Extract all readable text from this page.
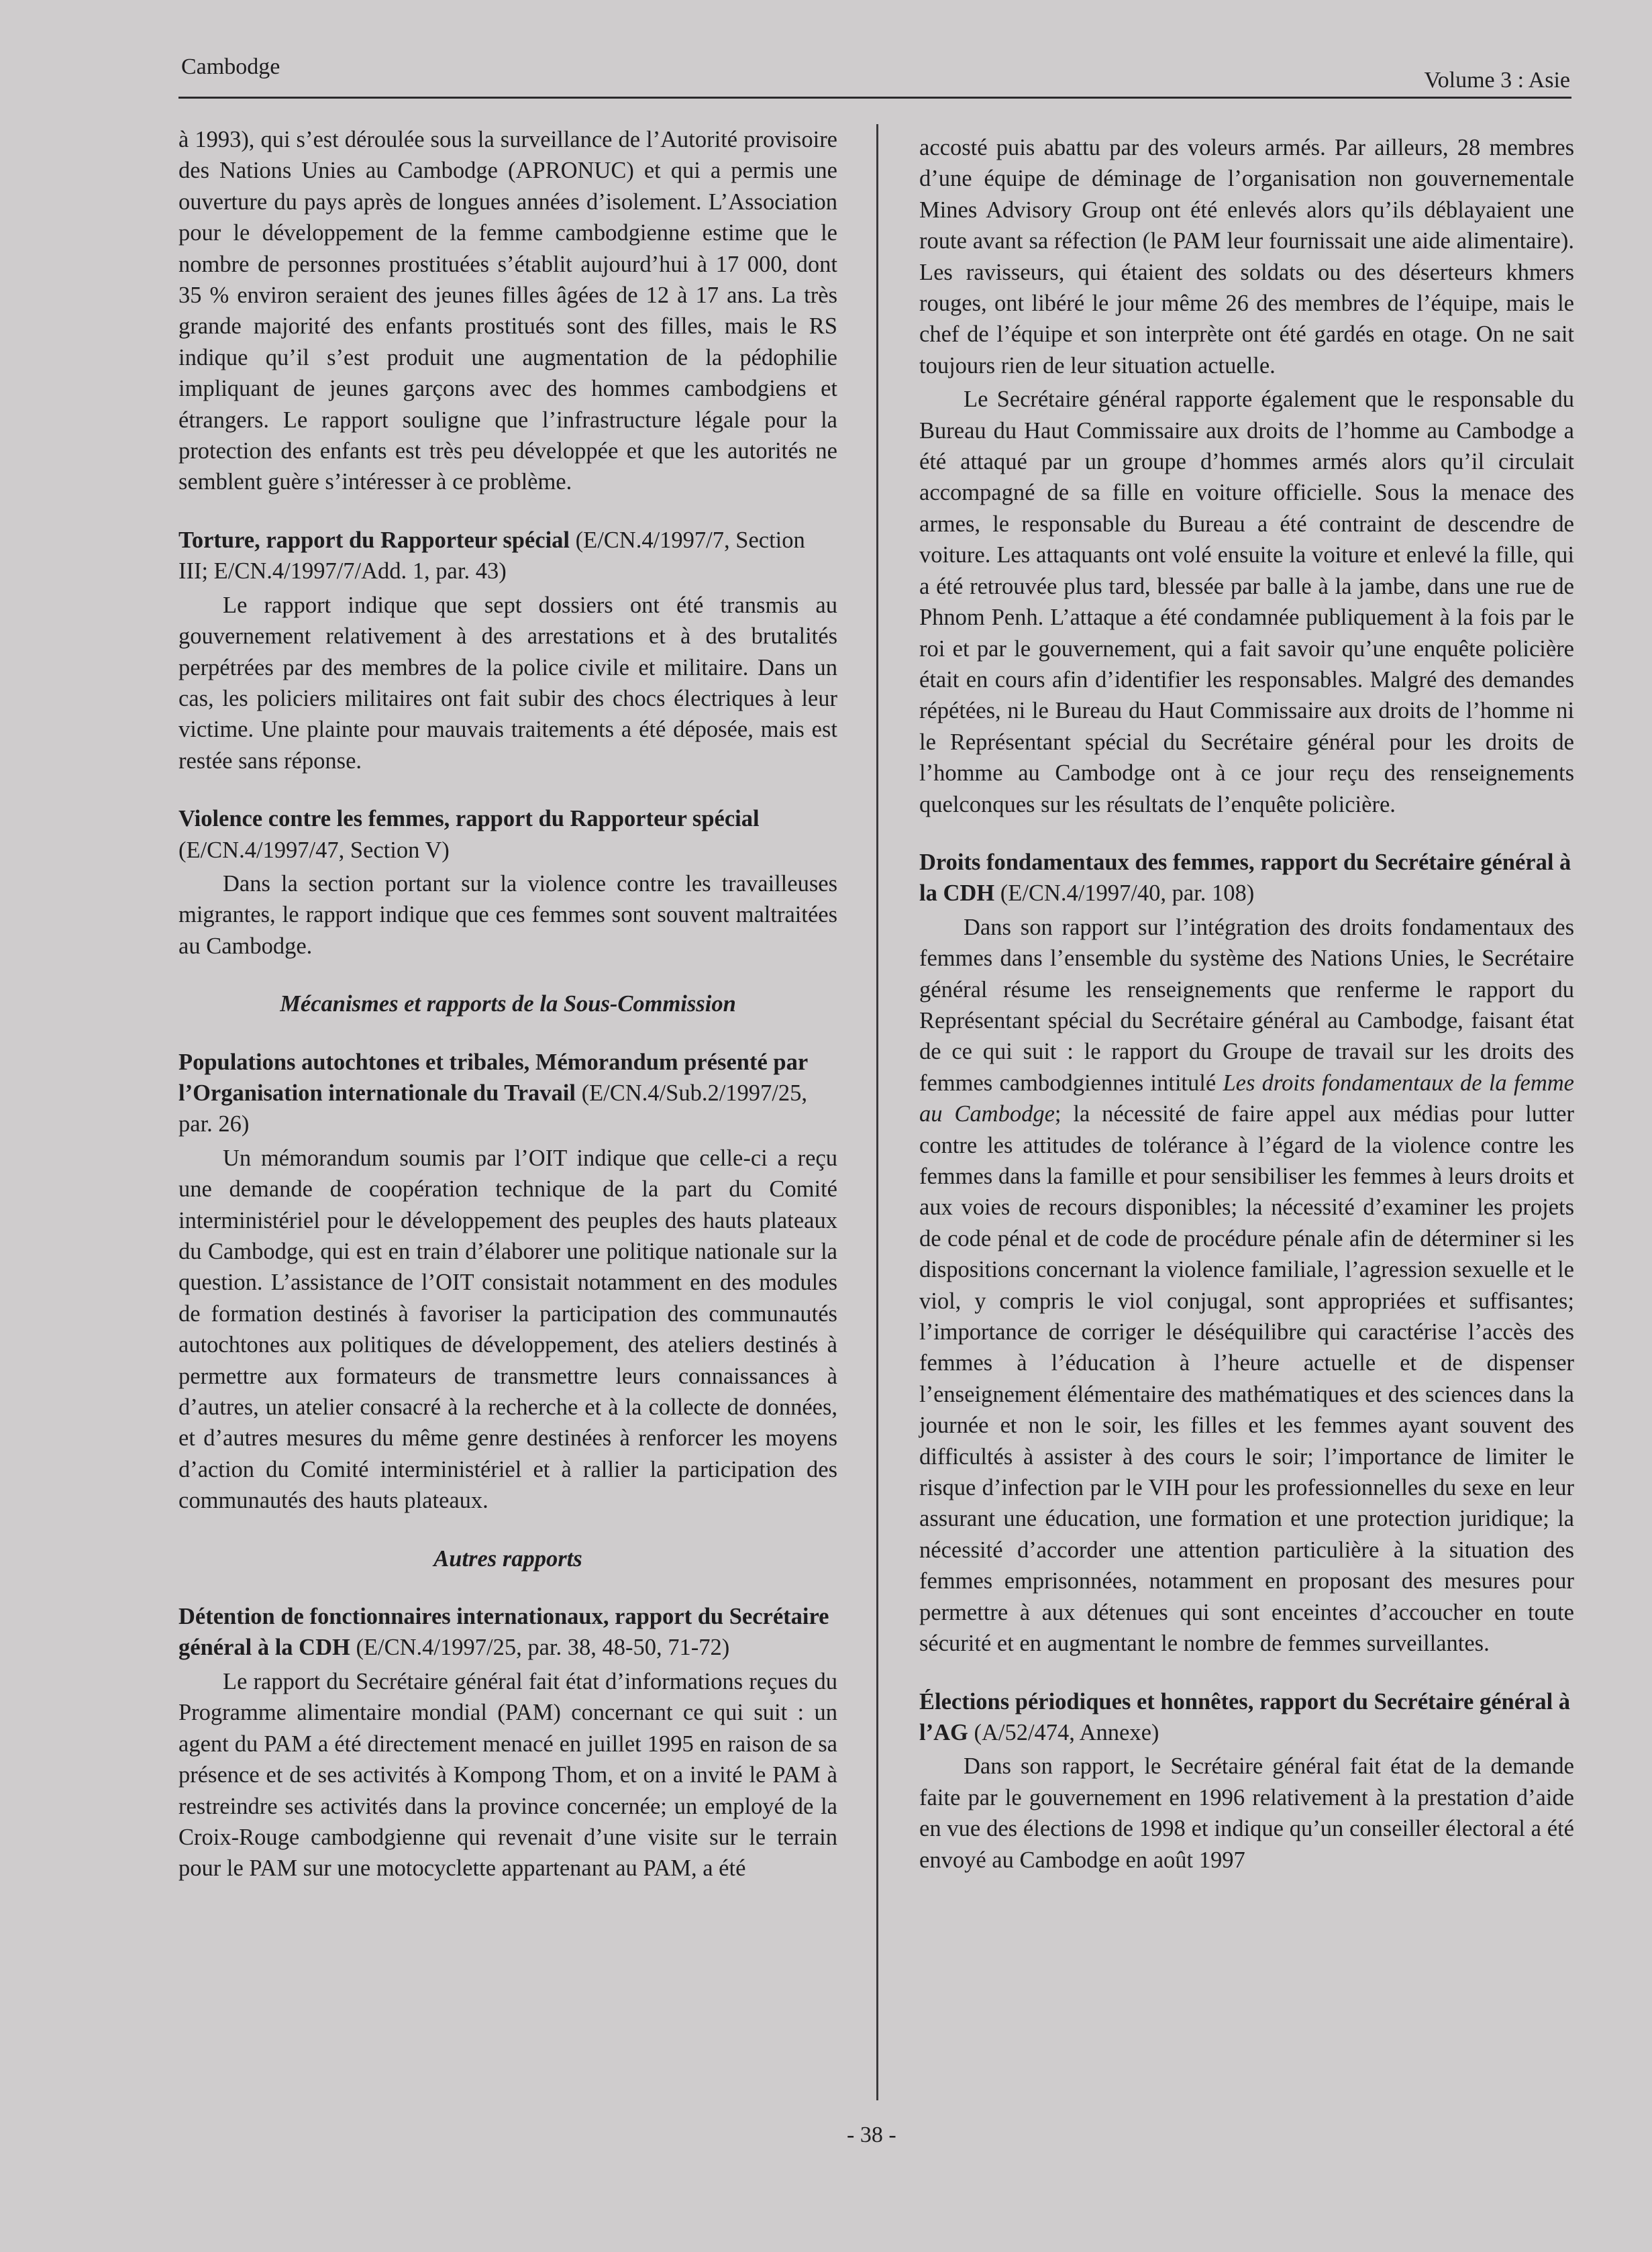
Cambodge
Volume 3 : Asie

à 1993), qui s’est déroulée sous la surveillance de l’Autorité provisoire des Nations Unies au Cambodge (APRONUC) et qui a permis une ouverture du pays après de longues années d’isolement. L’Association pour le développement de la femme cambodgienne estime que le nombre de personnes prostituées s’établit aujourd’hui à 17 000, dont 35 % environ seraient des jeunes filles âgées de 12 à 17 ans. La très grande majorité des enfants prostitués sont des filles, mais le RS indique qu’il s’est produit une augmentation de la pédophilie impliquant de jeunes garçons avec des hommes cambodgiens et étrangers. Le rapport souligne que l’infrastructure légale pour la protection des enfants est très peu développée et que les autorités ne semblent guère s’intéresser à ce problème.

Torture, rapport du Rapporteur spécial (E/CN.4/1997/7, Section III; E/CN.4/1997/7/Add. 1, par. 43)

Le rapport indique que sept dossiers ont été transmis au gouvernement relativement à des arrestations et à des brutalités perpétrées par des membres de la police civile et militaire. Dans un cas, les policiers militaires ont fait subir des chocs électriques à leur victime. Une plainte pour mauvais traitements a été déposée, mais est restée sans réponse.

Violence contre les femmes, rapport du Rapporteur spécial (E/CN.4/1997/47, Section V)

Dans la section portant sur la violence contre les travailleuses migrantes, le rapport indique que ces femmes sont souvent maltraitées au Cambodge.

Mécanismes et rapports de la Sous-Commission

Populations autochtones et tribales, Mémorandum présenté par l’Organisation internationale du Travail (E/CN.4/Sub.2/1997/25, par. 26)

Un mémorandum soumis par l’OIT indique que celle-ci a reçu une demande de coopération technique de la part du Comité interministériel pour le développement des peuples des hauts plateaux du Cambodge, qui est en train d’élaborer une politique nationale sur la question. L’assistance de l’OIT consistait notamment en des modules de formation destinés à favoriser la participation des communautés autochtones aux politiques de développement, des ateliers destinés à permettre aux formateurs de transmettre leurs connaissances à d’autres, un atelier consacré à la recherche et à la collecte de données, et d’autres mesures du même genre destinées à renforcer les moyens d’action du Comité interministériel et à rallier la participation des communautés des hauts plateaux.

Autres rapports

Détention de fonctionnaires internationaux, rapport du Secrétaire général à la CDH (E/CN.4/1997/25, par. 38, 48-50, 71-72)

Le rapport du Secrétaire général fait état d’informations reçues du Programme alimentaire mondial (PAM) concernant ce qui suit : un agent du PAM a été directement menacé en juillet 1995 en raison de sa présence et de ses activités à Kompong Thom, et on a invité le PAM à restreindre ses activités dans la province concernée; un employé de la Croix-Rouge cambodgienne qui revenait d’une visite sur le terrain pour le PAM sur une motocyclette appartenant au PAM, a été

accosté puis abattu par des voleurs armés. Par ailleurs, 28 membres d’une équipe de déminage de l’organisation non gouvernementale Mines Advisory Group ont été enlevés alors qu’ils déblayaient une route avant sa réfection (le PAM leur fournissait une aide alimentaire). Les ravisseurs, qui étaient des soldats ou des déserteurs khmers rouges, ont libéré le jour même 26 des membres de l’équipe, mais le chef de l’équipe et son interprète ont été gardés en otage. On ne sait toujours rien de leur situation actuelle.

Le Secrétaire général rapporte également que le responsable du Bureau du Haut Commissaire aux droits de l’homme au Cambodge a été attaqué par un groupe d’hommes armés alors qu’il circulait accompagné de sa fille en voiture officielle. Sous la menace des armes, le responsable du Bureau a été contraint de descendre de voiture. Les attaquants ont volé ensuite la voiture et enlevé la fille, qui a été retrouvée plus tard, blessée par balle à la jambe, dans une rue de Phnom Penh. L’attaque a été condamnée publiquement à la fois par le roi et par le gouvernement, qui a fait savoir qu’une enquête policière était en cours afin d’identifier les responsables. Malgré des demandes répétées, ni le Bureau du Haut Commissaire aux droits de l’homme ni le Représentant spécial du Secrétaire général pour les droits de l’homme au Cambodge ont à ce jour reçu des renseignements quelconques sur les résultats de l’enquête policière.

Droits fondamentaux des femmes, rapport du Secrétaire général à la CDH (E/CN.4/1997/40, par. 108)

Dans son rapport sur l’intégration des droits fondamentaux des femmes dans l’ensemble du système des Nations Unies, le Secrétaire général résume les renseignements que renferme le rapport du Représentant spécial du Secrétaire général au Cambodge, faisant état de ce qui suit : le rapport du Groupe de travail sur les droits des femmes cambodgiennes intitulé Les droits fondamentaux de la femme au Cambodge; la nécessité de faire appel aux médias pour lutter contre les attitudes de tolérance à l’égard de la violence contre les femmes dans la famille et pour sensibiliser les femmes à leurs droits et aux voies de recours disponibles; la nécessité d’examiner les projets de code pénal et de code de procédure pénale afin de déterminer si les dispositions concernant la violence familiale, l’agression sexuelle et le viol, y compris le viol conjugal, sont appropriées et suffisantes; l’importance de corriger le déséquilibre qui caractérise l’accès des femmes à l’éducation à l’heure actuelle et de dispenser l’enseignement élémentaire des mathématiques et des sciences dans la journée et non le soir, les filles et les femmes ayant souvent des difficultés à assister à des cours le soir; l’importance de limiter le risque d’infection par le VIH pour les professionnelles du sexe en leur assurant une éducation, une formation et une protection juridique; la nécessité d’accorder une attention particulière à la situation des femmes emprisonnées, notamment en proposant des mesures pour permettre à aux détenues qui sont enceintes d’accoucher en toute sécurité et en augmentant le nombre de femmes surveillantes.

Élections périodiques et honnêtes, rapport du Secrétaire général à l’AG (A/52/474, Annexe)

Dans son rapport, le Secrétaire général fait état de la demande faite par le gouvernement en 1996 relativement à la prestation d’aide en vue des élections de 1998 et indique qu’un conseiller électoral a été envoyé au Cambodge en août 1997

- 38 -
